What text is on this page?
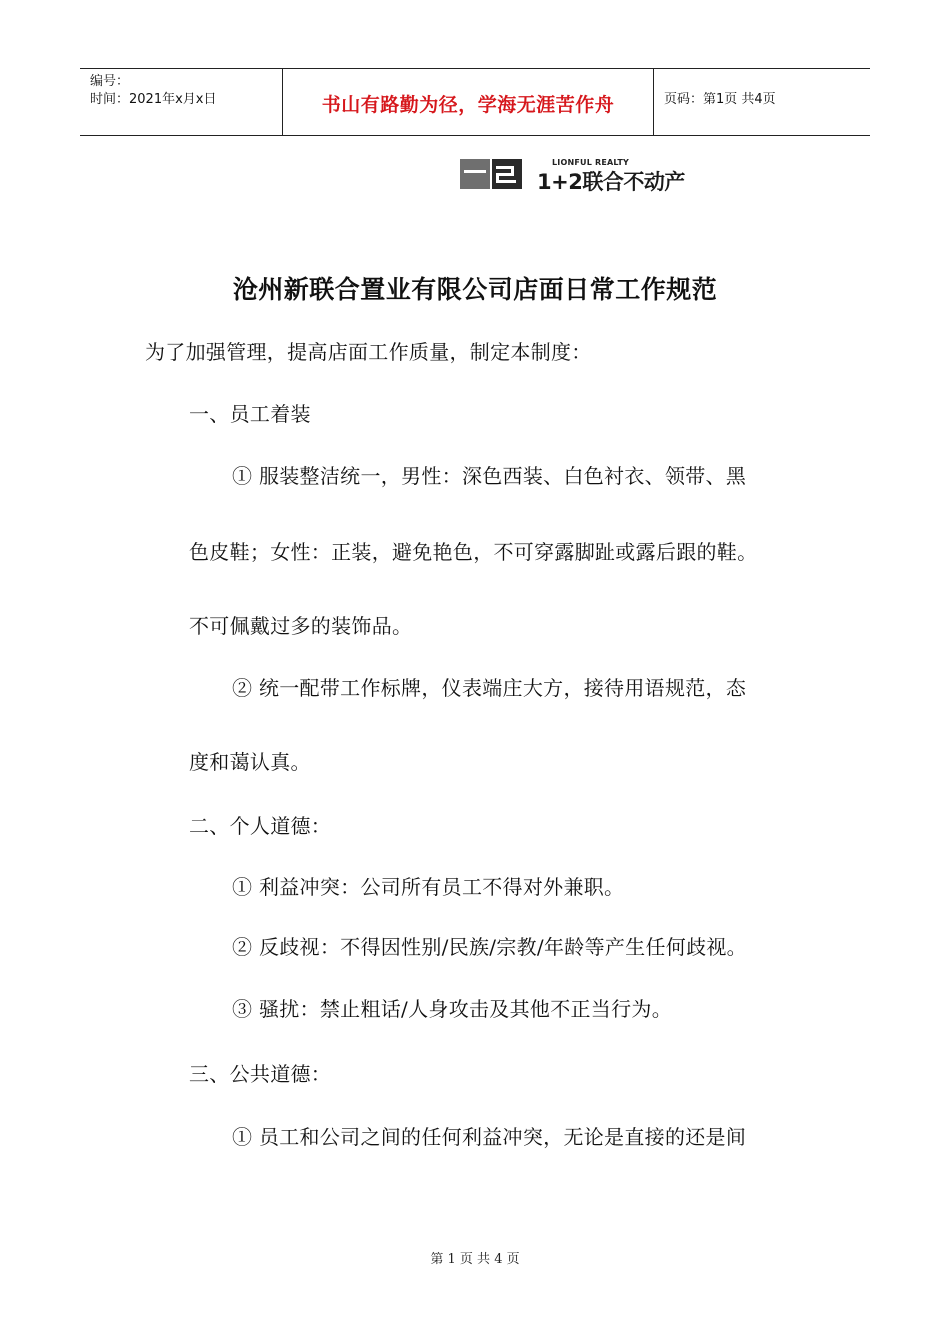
编号：
时间：2021年x月x日	书山有路勤为径，学海无涯苦作舟	页码：第1页 共4页
LIONFUL REALTY
1+2联合不动产
沧州新联合置业有限公司店面日常工作规范
为了加强管理，提高店面工作质量，制定本制度：
一、员工着装
① 服装整洁统一，男性：深色西装、白色衬衣、领带、黑
色皮鞋；女性：正装，避免艳色，不可穿露脚趾或露后跟的鞋。
不可佩戴过多的装饰品。
② 统一配带工作标牌，仪表端庄大方，接待用语规范，态
度和蔼认真。
二、个人道德：
① 利益冲突：公司所有员工不得对外兼职。
② 反歧视：不得因性别/民族/宗教/年龄等产生任何歧视。
③ 骚扰：禁止粗话/人身攻击及其他不正当行为。
三、公共道德：
① 员工和公司之间的任何利益冲突，无论是直接的还是间
第 1 页 共 4 页
